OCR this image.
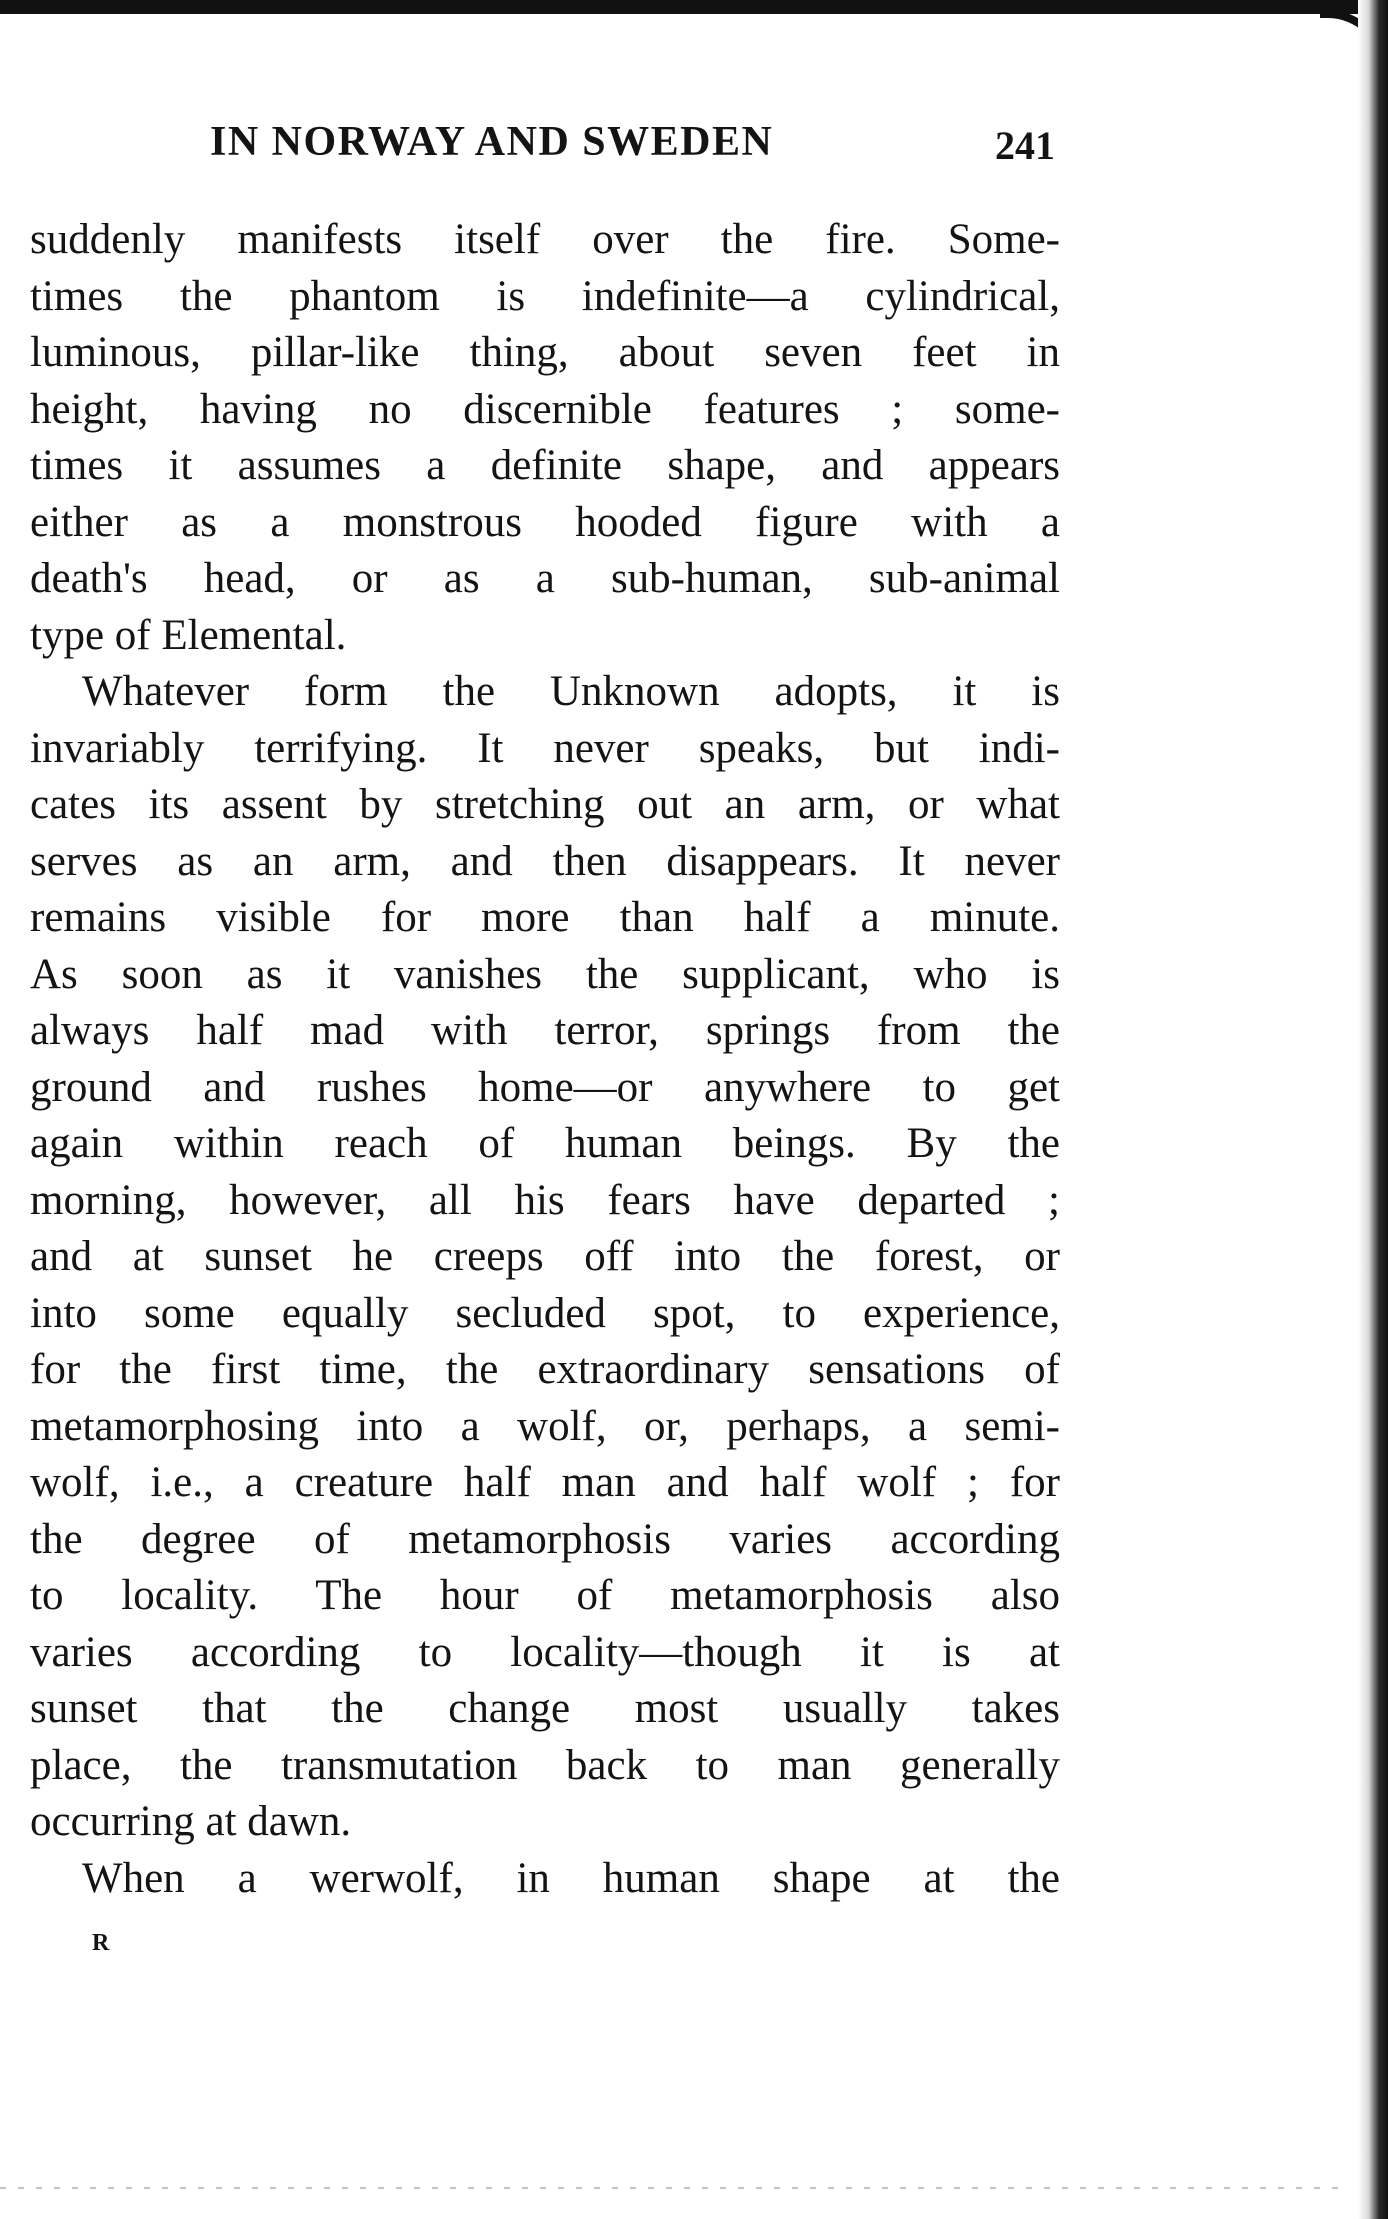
IN NORWAY AND SWEDEN	241
suddenly manifests itself over the fire. Some-
times the phantom is indefinite—a cylindrical,
luminous, pillar-like thing, about seven feet in
height, having no discernible features ; some-
times it assumes a definite shape, and appears
either as a monstrous hooded figure with a
death's head, or as a sub-human, sub-animal
type of Elemental.
Whatever form the Unknown adopts, it is
invariably terrifying. It never speaks, but indi-
cates its assent by stretching out an arm, or what
serves as an arm, and then disappears. It never
remains visible for more than half a minute.
As soon as it vanishes the supplicant, who is
always half mad with terror, springs from the
ground and rushes home—or anywhere to get
again within reach of human beings. By the
morning, however, all his fears have departed ;
and at sunset he creeps off into the forest, or
into some equally secluded spot, to experience,
for the first time, the extraordinary sensations of
metamorphosing into a wolf, or, perhaps, a semi-
wolf, i.e., a creature half man and half wolf ; for
the degree of metamorphosis varies according
to locality. The hour of metamorphosis also
varies according to locality—though it is at
sunset that the change most usually takes
place, the transmutation back to man generally
occurring at dawn.
When a werwolf, in human shape at the
R
